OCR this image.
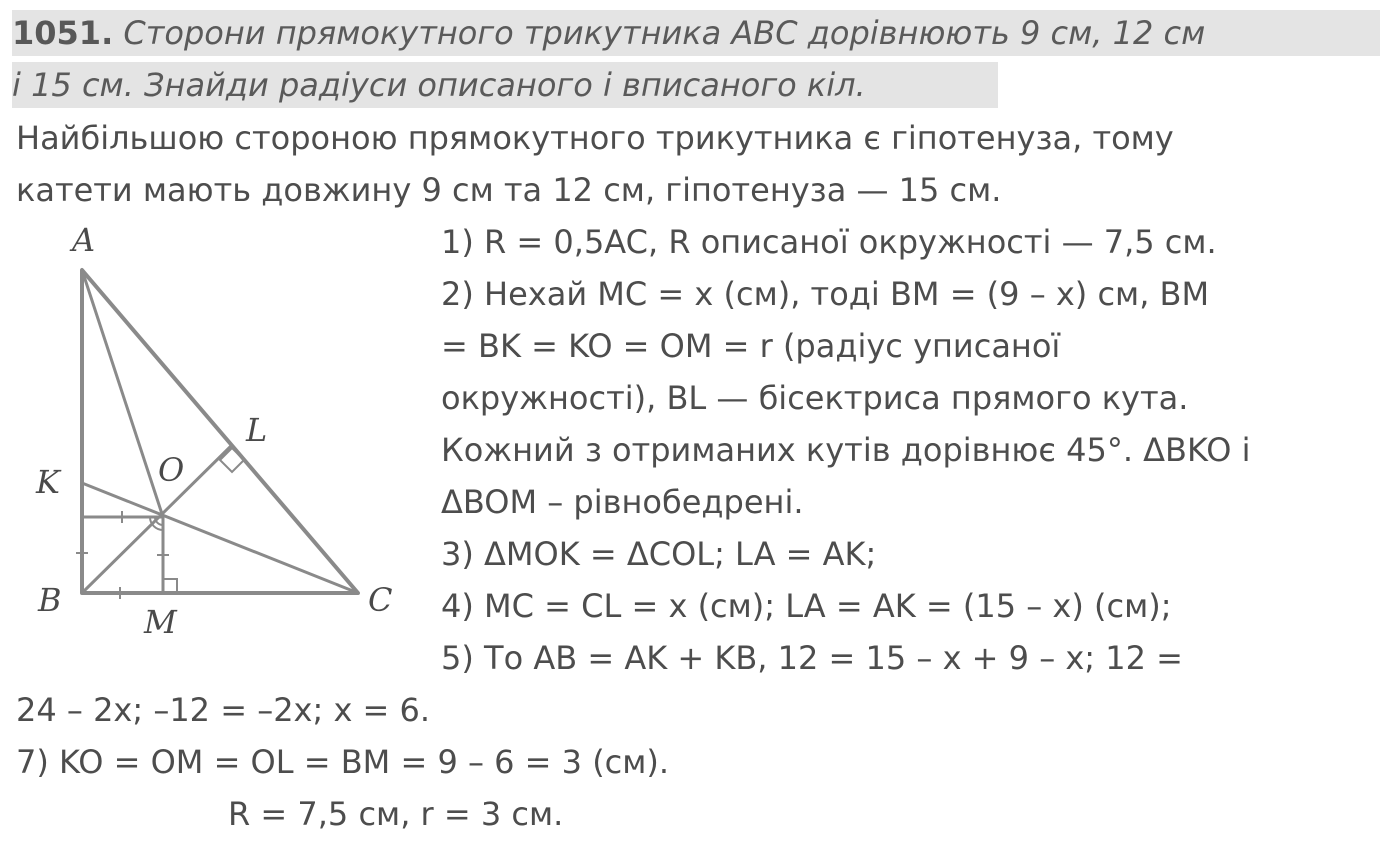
1051. Сторони прямокутного трикутника ABC дорівнюють 9 см, 12 см
і 15 см. Знайди радіуси описаного і вписаного кіл.
Найбільшою стороною прямокутного трикутника є гіпотенуза, тому
катети мають довжину 9 см та 12 см, гіпотенуза — 15 см.
1) R = 0,5AC, R описаної окружності — 7,5 см.
2) Нехай MC = x (см), тоді BM = (9 – x) см, BM
= BK = KO = OM = r (радіус уписаної
окружності), BL — бісектриса прямого кута.
Кожний з отриманих кутів дорівнює 45°. ΔBKO і
ΔBOM – рівнобедрені.
3) ΔMOK = ΔCOL; LA = AK;
4) MC = CL = x (см); LA = AK = (15 – x) (см);
5) То AB = AK + KB, 12 = 15 – x + 9 – x; 12 =
24 – 2x; –12 = –2x; x = 6.
7) KO = OM = OL = BM = 9 – 6 = 3 (см).
R = 7,5 см, r = 3 см.
A
B	C
K
L
M
O
